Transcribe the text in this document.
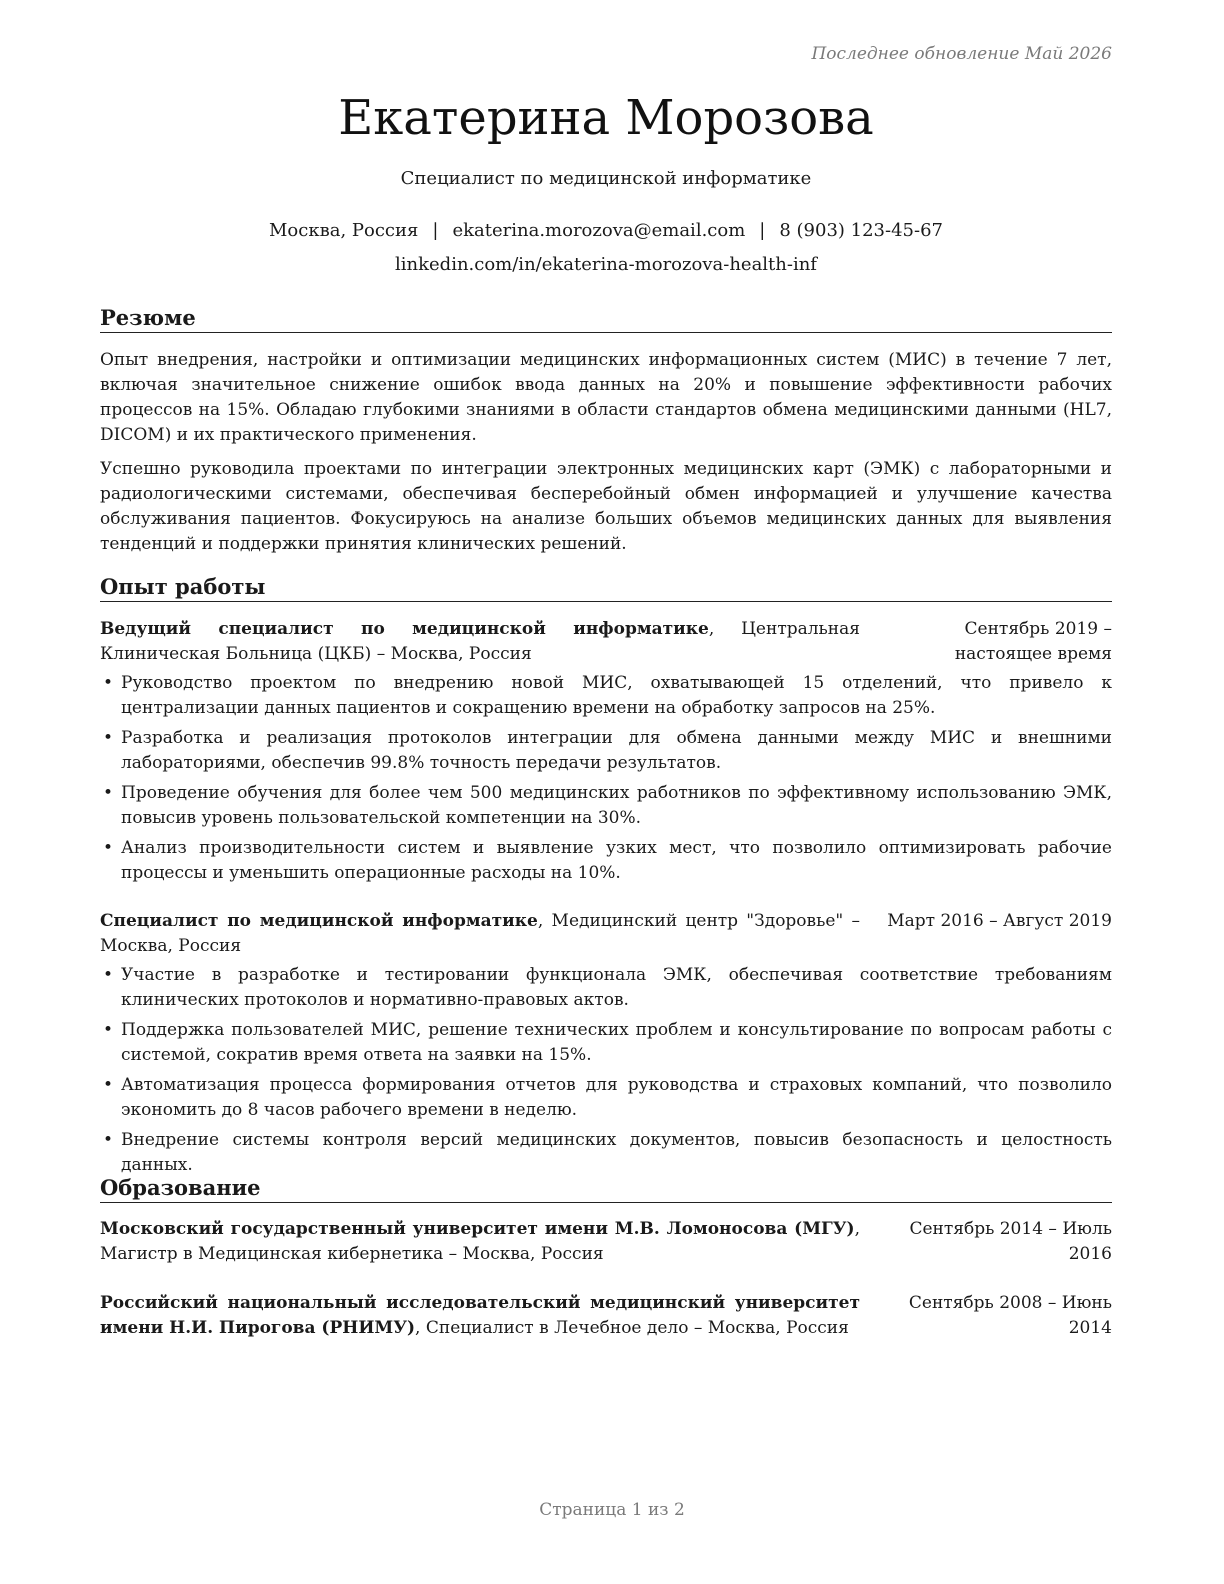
Последнее обновление Май 2026
Екатерина Морозова
Специалист по медицинской информатике
Москва, Россия | ekaterina.morozova@email.com | 8 (903) 123-45-67
linkedin.com/in/ekaterina-morozova-health-inf
Резюме

Опыт внедрения, настройки и оптимизации медицинских информационных систем (МИС) в течение 7 лет, включая значительное снижение ошибок ввода данных на 20% и повышение эффективности рабочих процессов на 15%. Обладаю глубокими знаниями в области стандартов обмена медицинскими данными (HL7, DICOM) и их практического применения.

Успешно руководила проектами по интеграции электронных медицинских карт (ЭМК) с лабораторными и радиологическими системами, обеспечивая бесперебойный обмен информацией и улучшение качества обслуживания пациентов. Фокусируюсь на анализе больших объемов медицинских данных для выявления тенденций и поддержки принятия клинических решений.

Опыт работы
Ведущий специалист по медицинской информатике, Центральная Клиническая Больница (ЦКБ) – Москва, Россия
Сентябрь 2019 – настоящее время
• Руководство проектом по внедрению новой МИС, охватывающей 15 отделений, что привело к централизации данных пациентов и сокращению времени на обработку запросов на 25%.
• Разработка и реализация протоколов интеграции для обмена данными между МИС и внешними лабораториями, обеспечив 99.8% точность передачи результатов.
• Проведение обучения для более чем 500 медицинских работников по эффективному использованию ЭМК, повысив уровень пользовательской компетенции на 30%.
• Анализ производительности систем и выявление узких мест, что позволило оптимизировать рабочие процессы и уменьшить операционные расходы на 10%.
Специалист по медицинской информатике, Медицинский центр "Здоровье" – Москва, Россия
Март 2016 – Август 2019
• Участие в разработке и тестировании функционала ЭМК, обеспечивая соответствие требованиям клинических протоколов и нормативно-правовых актов.
• Поддержка пользователей МИС, решение технических проблем и консультирование по вопросам работы с системой, сократив время ответа на заявки на 15%.
• Автоматизация процесса формирования отчетов для руководства и страховых компаний, что позволило экономить до 8 часов рабочего времени в неделю.
• Внедрение системы контроля версий медицинских документов, повысив безопасность и целостность данных.
Образование
Московский государственный университет имени М.В. Ломоносова (МГУ), Магистр в Медицинская кибернетика – Москва, Россия
Сентябрь 2014 – Июль 2016
Российский национальный исследовательский медицинский университет имени Н.И. Пирогова (РНИМУ), Специалист в Лечебное дело – Москва, Россия
Сентябрь 2008 – Июнь 2014
Страница 1 из 2
